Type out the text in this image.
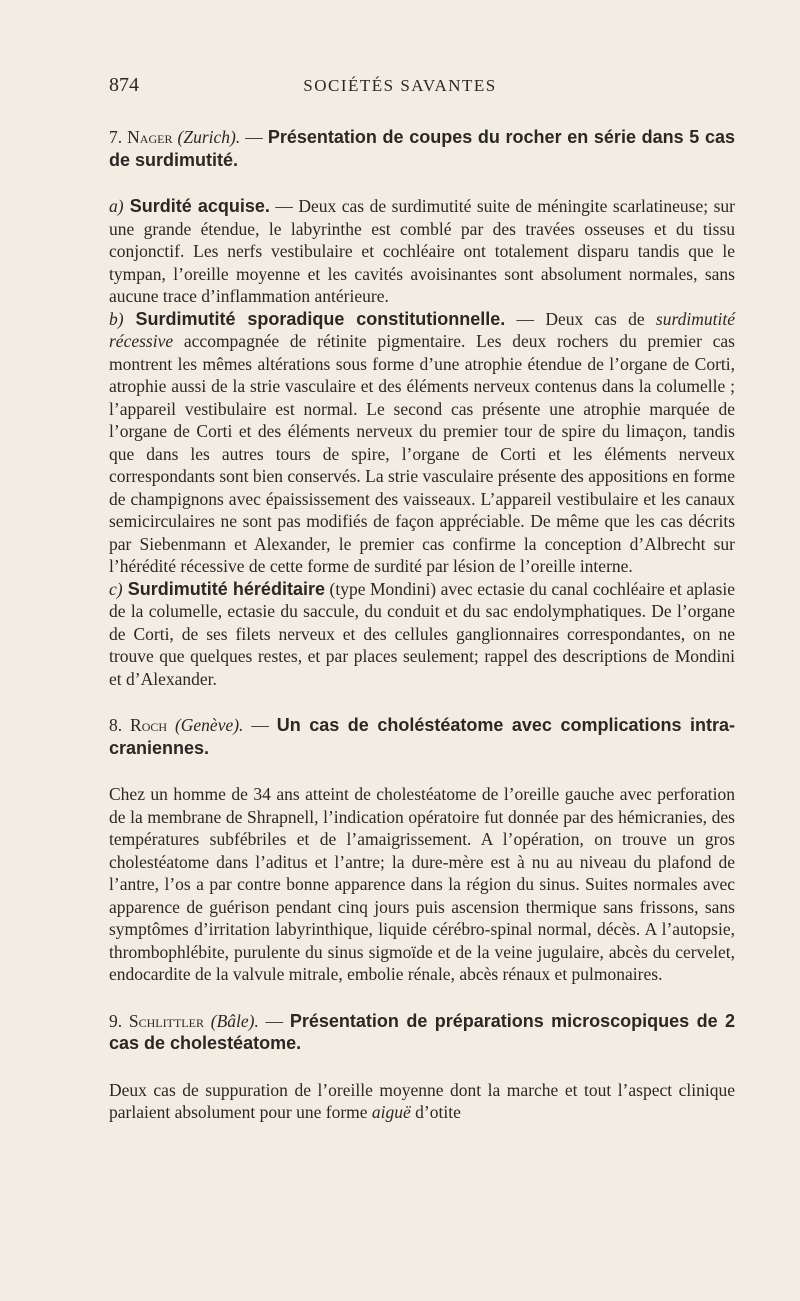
874	SOCIÉTÉS SAVANTES

7. Nager (Zurich). — Présentation de coupes du rocher en série dans 5 cas de surdimutité.

a) Surdité acquise. — Deux cas de surdimutité suite de méningite scarlatineuse; sur une grande étendue, le labyrinthe est comblé par des travées osseuses et du tissu conjonctif. Les nerfs vestibulaire et cochléaire ont totalement disparu tandis que le tympan, l’oreille moyenne et les cavités avoisinantes sont absolument normales, sans aucune trace d’inflammation antérieure.

b) Surdimutité sporadique constitutionnelle. — Deux cas de surdimutité récessive accompagnée de rétinite pigmentaire. Les deux rochers du premier cas montrent les mêmes altérations sous forme d’une atrophie étendue de l’organe de Corti, atrophie aussi de la strie vasculaire et des éléments nerveux contenus dans la columelle ; l’appareil vestibulaire est normal. Le second cas présente une atrophie marquée de l’organe de Corti et des éléments nerveux du premier tour de spire du limaçon, tandis que dans les autres tours de spire, l’organe de Corti et les éléments nerveux correspondants sont bien conservés. La strie vasculaire présente des appositions en forme de champignons avec épaississement des vaisseaux. L’appareil vestibulaire et les canaux semicirculaires ne sont pas modifiés de façon appréciable. De même que les cas décrits par Siebenmann et Alexander, le premier cas confirme la conception d’Albrecht sur l’hérédité récessive de cette forme de surdité par lésion de l’oreille interne.

c) Surdimutité héréditaire (type Mondini) avec ectasie du canal cochléaire et aplasie de la columelle, ectasie du saccule, du conduit et du sac endolymphatiques. De l’organe de Corti, de ses filets nerveux et des cellules ganglionnaires correspondantes, on ne trouve que quelques restes, et par places seulement; rappel des descriptions de Mondini et d’Alexander.

8. Roch (Genève). — Un cas de choléstéatome avec complications intra-craniennes.

Chez un homme de 34 ans atteint de cholestéatome de l’oreille gauche avec perforation de la membrane de Shrapnell, l’indication opératoire fut donnée par des hémicranies, des températures subfébriles et de l’amaigrissement. A l’opération, on trouve un gros cholestéatome dans l’aditus et l’antre; la dure-mère est à nu au niveau du plafond de l’antre, l’os a par contre bonne apparence dans la région du sinus. Suites normales avec apparence de guérison pendant cinq jours puis ascension thermique sans frissons, sans symptômes d’irritation labyrinthique, liquide cérébro-spinal normal, décès. A l’autopsie, thrombophlébite, purulente du sinus sigmoïde et de la veine jugulaire, abcès du cervelet, endocardite de la valvule mitrale, embolie rénale, abcès rénaux et pulmonaires.

9. Schlittler (Bâle). — Présentation de préparations microscopiques de 2 cas de cholestéatome.

Deux cas de suppuration de l’oreille moyenne dont la marche et tout l’aspect clinique parlaient absolument pour une forme aiguë d’otite
